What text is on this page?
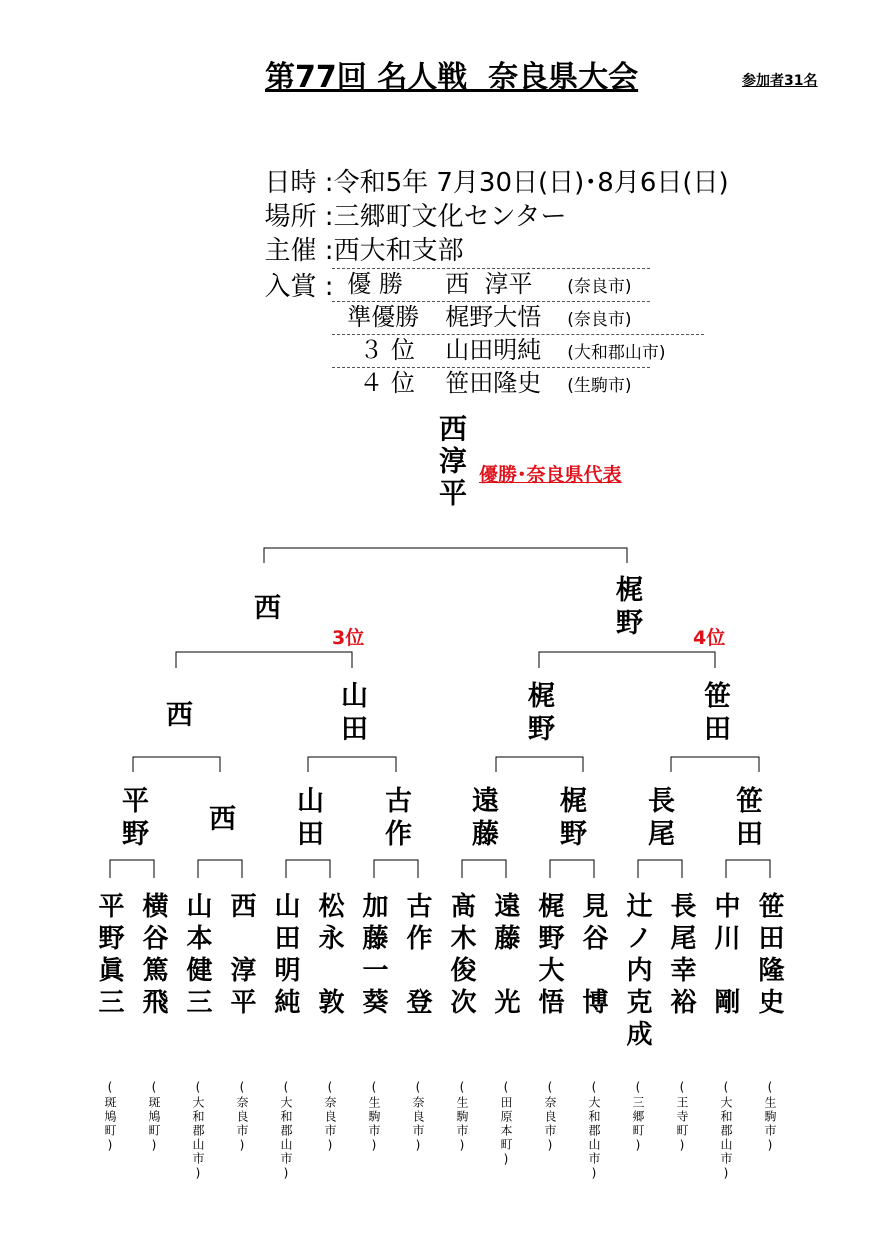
第77回 名人戦  奈良県大会	参加者31名

日時 :令和5年 7月30日(日)･8月6日(日)

場所 :三郷町文化センター

主催 :西大和支部

入賞 : 優 勝 西  淳平 (奈良市)

準優勝 梶野大悟 (奈良市)

３ 位 山田明純 (大和郡山市)

４ 位 笹田隆史 (生駒市)

西淳平 優勝･奈良県代表
西	梶野
3位	4位
西	山田	梶野	笹田
平野 西 山田 古作 遠藤 梶野 長尾 笹田
平野眞三 横谷篤飛 山本健三 西　淳平 山田明純 松永　敦 加藤一葵 古作　登 髙木俊次 遠藤　光 梶野大悟 見谷　博 辻ノ内克成 長尾幸裕 中川　剛 笹田隆史
(斑鳩町)	(斑鳩町)	(大和郡山市)	(奈良市)	(大和郡山市)	(奈良市)	(生駒市)	(奈良市)	(生駒市)	(田原本町)	(奈良市)	(大和郡山市)	(三郷町)	(王寺町)	(大和郡山市)	(生駒市)
